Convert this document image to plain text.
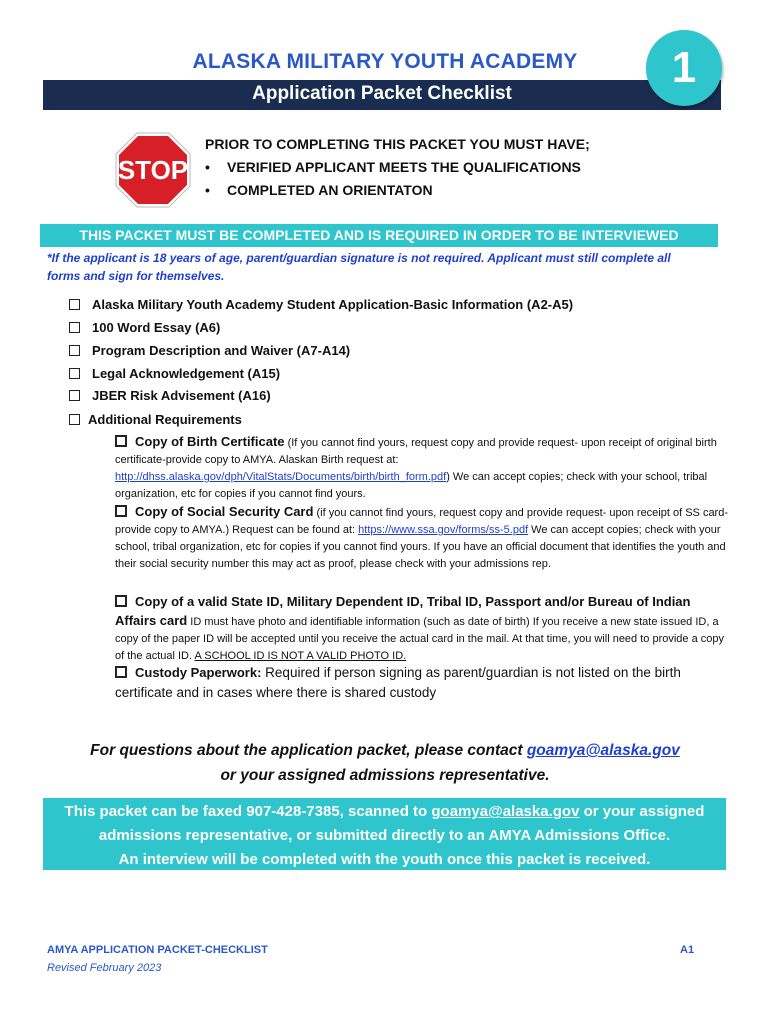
ALASKA MILITARY YOUTH ACADEMY
Application Packet Checklist
1
STOP
PRIOR TO COMPLETING THIS PACKET YOU MUST HAVE;
• VERIFIED APPLICANT MEETS THE QUALIFICATIONS
• COMPLETED AN ORIENTATON
THIS PACKET MUST BE COMPLETED AND IS REQUIRED IN ORDER TO BE INTERVIEWED
*If the applicant is 18 years of age, parent/guardian signature is not required. Applicant must still complete all forms and sign for themselves.
Alaska Military Youth Academy Student Application-Basic Information (A2-A5)
100 Word Essay (A6)
Program Description and Waiver (A7-A14)
Legal Acknowledgement (A15)
JBER Risk Advisement (A16)
Additional Requirements
Copy of Birth Certificate (If you cannot find yours, request copy and provide request- upon receipt of original birth certificate-provide copy to AMYA. Alaskan Birth request at: http://dhss.alaska.gov/dph/VitalStats/Documents/birth/birth_form.pdf) We can accept copies; check with your school, tribal organization, etc for copies if you cannot find yours.
Copy of Social Security Card (if you cannot find yours, request copy and provide request- upon receipt of SS card-provide copy to AMYA.) Request can be found at: https://www.ssa.gov/forms/ss-5.pdf We can accept copies; check with your school, tribal organization, etc for copies if you cannot find yours. If you have an official document that identifies the youth and their social security number this may act as proof, please check with your admissions rep.
Copy of a valid State ID, Military Dependent ID, Tribal ID, Passport and/or Bureau of Indian Affairs card ID must have photo and identifiable information (such as date of birth) If you receive a new state issued ID, a copy of the paper ID will be accepted until you receive the actual card in the mail. At that time, you will need to provide a copy of the actual ID. A SCHOOL ID IS NOT A VALID PHOTO ID.
Custody Paperwork: Required if person signing as parent/guardian is not listed on the birth certificate and in cases where there is shared custody
For questions about the application packet, please contact goamya@alaska.gov
or your assigned admissions representative.
This packet can be faxed 907-428-7385, scanned to goamya@alaska.gov or your assigned admissions representative, or submitted directly to an AMYA Admissions Office.
An interview will be completed with the youth once this packet is received.
AMYA APPLICATION PACKET-CHECKLIST
Revised February 2023
A1
